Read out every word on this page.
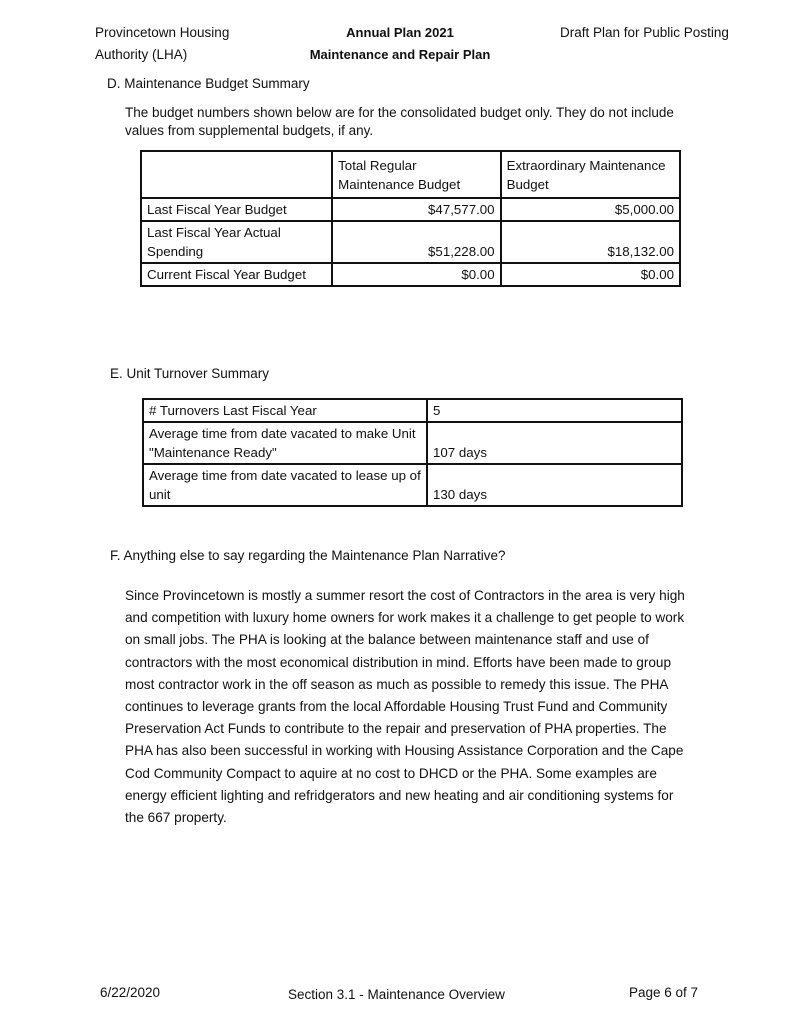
Provincetown Housing
Authority (LHA)
Annual Plan 2021
Maintenance and Repair Plan
Draft Plan for Public Posting
D. Maintenance Budget Summary
The budget numbers shown below are for the consolidated budget only. They do not include values from supplemental budgets, if any.
	Total Regular Maintenance Budget	Extraordinary Maintenance Budget
Last Fiscal Year Budget	$47,577.00	$5,000.00
Last Fiscal Year Actual Spending	$51,228.00	$18,132.00
Current Fiscal Year Budget	$0.00	$0.00
E. Unit Turnover Summary
# Turnovers Last Fiscal Year	5
Average time from date vacated to make Unit "Maintenance Ready"	107 days
Average time from date vacated to lease up of unit	130 days
F. Anything else to say regarding the Maintenance Plan Narrative?
Since Provincetown is mostly a summer resort the cost of Contractors in the area is very high and competition with luxury home owners for work makes it a challenge to get people to work on small jobs. The PHA is looking at the balance between maintenance staff and use of contractors with the most economical distribution in mind. Efforts have been made to group most contractor work in the off season as much as possible to remedy this issue. The PHA continues to leverage grants from the local Affordable Housing Trust Fund and Community Preservation Act Funds to contribute to the repair and preservation of PHA properties. The PHA has also been successful in working with Housing Assistance Corporation and the Cape Cod Community Compact to aquire at no cost to DHCD or the PHA. Some examples are energy efficient lighting and refridgerators and new heating and air conditioning systems for the 667 property.
6/22/2020	Section 3.1 - Maintenance Overview	Page 6 of 7
